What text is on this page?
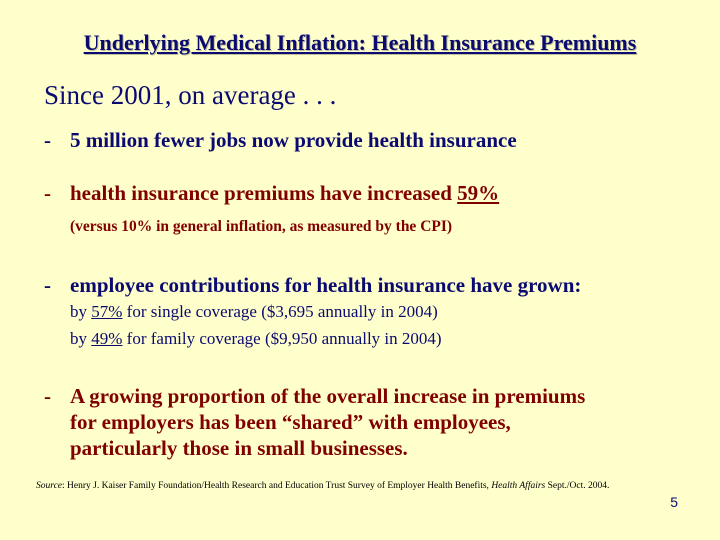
Underlying Medical Inflation: Health Insurance Premiums
Since 2001, on average . . .
- 5 million fewer jobs now provide health insurance
- health insurance premiums have increased 59%
(versus 10% in general inflation, as measured by the CPI)
- employee contributions for health insurance have grown:
by 57% for single coverage ($3,695 annually in 2004)
by 49% for family coverage ($9,950 annually in 2004)
- A growing proportion of the overall increase in premiums
for employers has been “shared” with employees,
particularly those in small businesses.
Source: Henry J. Kaiser Family Foundation/Health Research and Education Trust Survey of Employer Health Benefits, Health Affairs Sept./Oct. 2004.
5
